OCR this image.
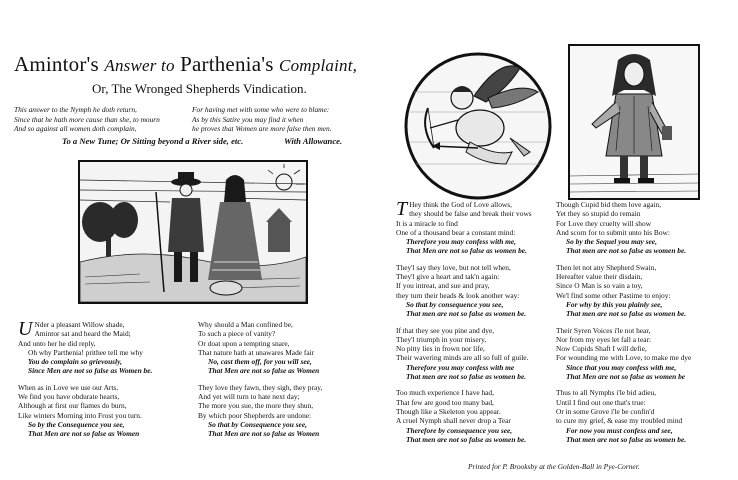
Amintor's Answer to Parthenia's Complaint,
Or, The Wronged Shepherds Vindication.
This answer to the Nymph he doth return,
Since that he hath more cause than she, to mourn
And so against all women doth complain,
For having met with some who were to blame:
As by this Satire you may find it when
he proves that Women are more false then men.
To a New Tune; Or Sitting beyond a River side, etc.	With Allowance.
U Nder a pleasant Willow shade,
Amintor sat and heard the Maid;
And unto her he did reply,
Oh why Parthenia! prithee tell me why
You do complain so grievously,
Since Men are not so false as Women be.
When as in Love we use our Arts,
We find you have obdurate hearts,
Although at first our flames do burn,
Like winters Morning into Frost you turn.
So by the Consequence you see,
That Men are not so false as Women
Why should a Man confined be,
To such a piece of vanity?
Or doat upon a tempting snare,
That nature hath at unawares Made fair
No, cast them off, for you will see,
That Men are not so false as Women
They love they fawn, they sigh, they pray,
And yet will turn to hate next day;
The more you sue, the more they shun,
By which poor Shepherds are undone:
So that by Consequence you see,
That Men are not so false as Women
T Hey think the God of Love allows,
they should be false and break their vows
It is a miracle to find
One of a thousand bear a constant mind:
Therefore you may confess with me,
That Men are not so false as women be.
They'l say they love, but not tell when,
They'l give a heart and tak'n again:
If you intreat, and sue and pray,
they turn their heads & look another way:
So that by consequence you see,
That men are not so false as women be.
If that they see you pine and dye,
They'l triumph in your misery,
No pitty lies in frown nor life,
Their wavering minds are all so full of guile.
Therefore you may confess with me
That men are not so false as women be.
Too much experience I have had,
That few are good too many bad,
Though like a Skeleton you appear.
A cruel Nymph shall never drop a Tear
Therefore by consequence you see,
That men are not so false as women be.
Though Cupid bid them love again,
Yet they so stupid do remain
For Love they cruelty will show
And scorn for to submit unto his Bow:
So by the Sequel you may see,
That men are not so false as women be.
Then let not any Shepherd Swain,
Hereafter value their disdain,
Since O Man is so vain a toy,
We'l find some other Pastime to enjoy:
For why by this you plainly see,
That men are not so false as women be.
Their Syren Voices i'le not hear,
Nor from my eyes let fall a tear:
Now Cupids Shaft I will defie,
For wounding me with Love, to make me dye
Since that you may confess with me,
That Men are not so false as women be
Thus to all Nymphs i'le bid adieu,
Until I find out one that's true:
Or in some Grove i'le be confin'd
to cure my grief, & ease my troubled mind
For now you must confess and see,
That men are not so false as women be.
Printed for P. Brooksby at the Golden-Ball in Pye-Corner.
